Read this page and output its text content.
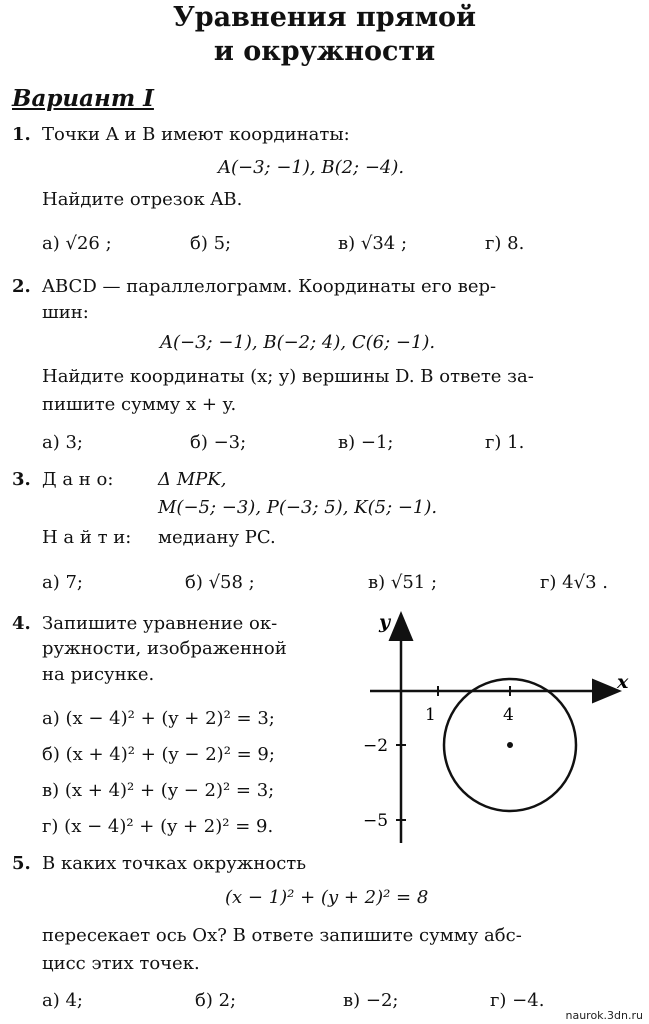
Уравнения прямой
и окружности
Вариант I
1. Точки A и B имеют координаты:
A(−3; −1), B(2; −4).
Найдите отрезок AB.
а) √26 ;	б) 5;	в) √34 ;	г) 8.
2. ABCD — параллелограмм. Координаты его вер-
шин:
A(−3; −1), B(−2; 4), C(6; −1).
Найдите координаты (x; y) вершины D. В ответе за-
пишите сумму x + y.
а) 3;	б) −3;	в) −1;	г) 1.
3. Д а н о: Δ MPK,
M(−5; −3), P(−3; 5), K(5; −1).
Н а й т и: медиану PC.
а) 7;	б) √58 ;	в) √51 ;	г) 4√3 .
4. Запишите уравнение ок-
ружности, изображенной
на рисунке.
а) (x − 4)² + (y + 2)² = 3;
б) (x + 4)² + (y − 2)² = 9;
в) (x + 4)² + (y − 2)² = 3;
г) (x − 4)² + (y + 2)² = 9.
x
y
1	4
−2
−5
5. В каких точках окружность
(x − 1)² + (y + 2)² = 8
пересекает ось Ox? В ответе запишите сумму абс-
цисс этих точек.
а) 4;	б) 2;	в) −2;	г) −4.
naurok.3dn.ru
